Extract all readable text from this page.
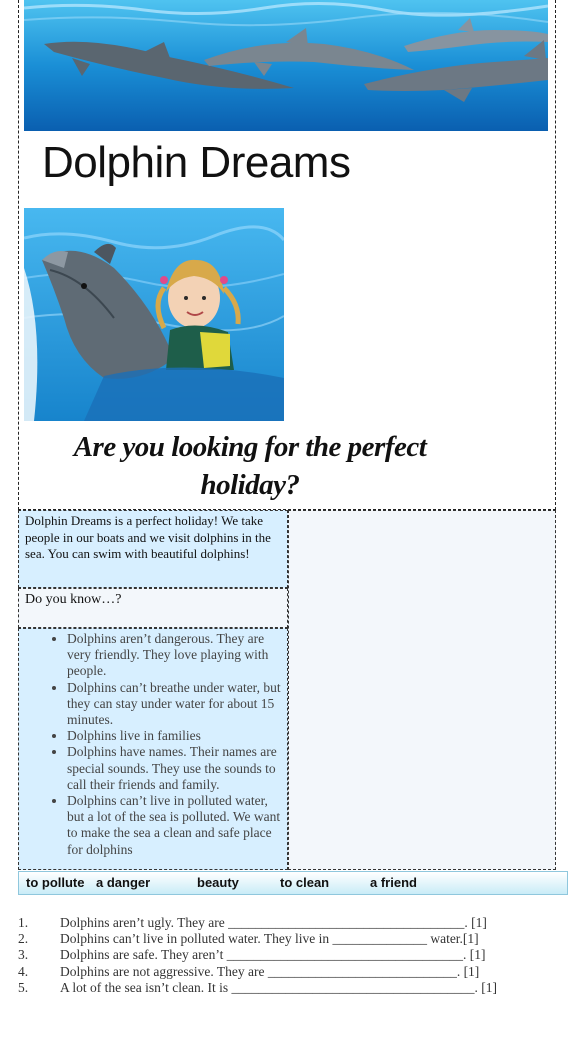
Dolphin Dreams
Are you looking for the perfect holiday?
Dolphin Dreams is a perfect holiday! We take people in our boats and we visit dolphins in the sea. You can swim with beautiful dolphins!
Do you know…?
• Dolphins aren’t dangerous. They are very friendly. They love playing with people.
• Dolphins can’t breathe under water, but they can stay under water for about 15 minutes.
• Dolphins live in families
• Dolphins have names. Their names are special sounds. They use the sounds to call their friends and family.
• Dolphins can’t live in polluted water, but a lot of the sea is polluted. We want to make the sea a clean and safe place for dolphins
to pollute a danger	beauty	to clean	a friend
1. Dolphins aren’t ugly. They are ___________________________________. [1]
2. Dolphins can’t live in polluted water. They live in ______________ water.[1]
3. Dolphins are safe. They aren’t ___________________________________. [1]
4. Dolphins are not aggressive. They are ____________________________. [1]
5. A lot of the sea isn’t clean. It is ____________________________________. [1]
